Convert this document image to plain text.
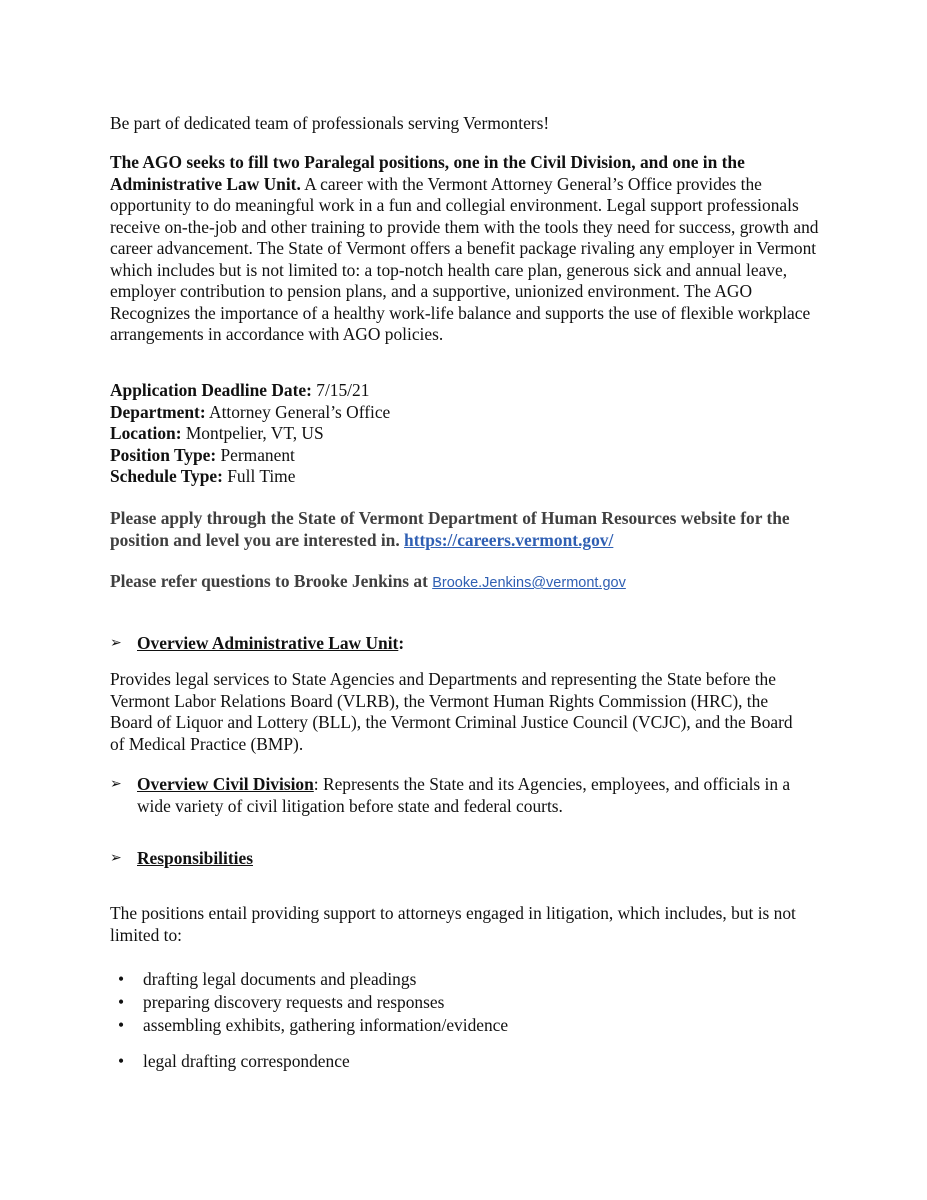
Be part of dedicated team of professionals serving Vermonters!
The AGO seeks to fill two Paralegal positions, one in the Civil Division, and one in the Administrative Law Unit. A career with the Vermont Attorney General’s Office provides the opportunity to do meaningful work in a fun and collegial environment. Legal support professionals receive on-the-job and other training to provide them with the tools they need for success, growth and career advancement. The State of Vermont offers a benefit package rivaling any employer in Vermont which includes but is not limited to: a top-notch health care plan, generous sick and annual leave, employer contribution to pension plans, and a supportive, unionized environment. The AGO Recognizes the importance of a healthy work-life balance and supports the use of flexible workplace arrangements in accordance with AGO policies.
Application Deadline Date: 7/15/21
Department: Attorney General’s Office
Location: Montpelier, VT, US
Position Type: Permanent
Schedule Type: Full Time
Please apply through the State of Vermont Department of Human Resources website for the position and level you are interested in. https://careers.vermont.gov/
Please refer questions to Brooke Jenkins at Brooke.Jenkins@vermont.gov
➢ Overview Administrative Law Unit:
Provides legal services to State Agencies and Departments and representing the State before the Vermont Labor Relations Board (VLRB), the Vermont Human Rights Commission (HRC), the Board of Liquor and Lottery (BLL), the Vermont Criminal Justice Council (VCJC), and the Board of Medical Practice (BMP).
➢ Overview Civil Division: Represents the State and its Agencies, employees, and officials in a wide variety of civil litigation before state and federal courts.
➢ Responsibilities
The positions entail providing support to attorneys engaged in litigation, which includes, but is not limited to:
•	drafting legal documents and pleadings
•	preparing discovery requests and responses
•	assembling exhibits, gathering information/evidence
•	legal drafting correspondence
